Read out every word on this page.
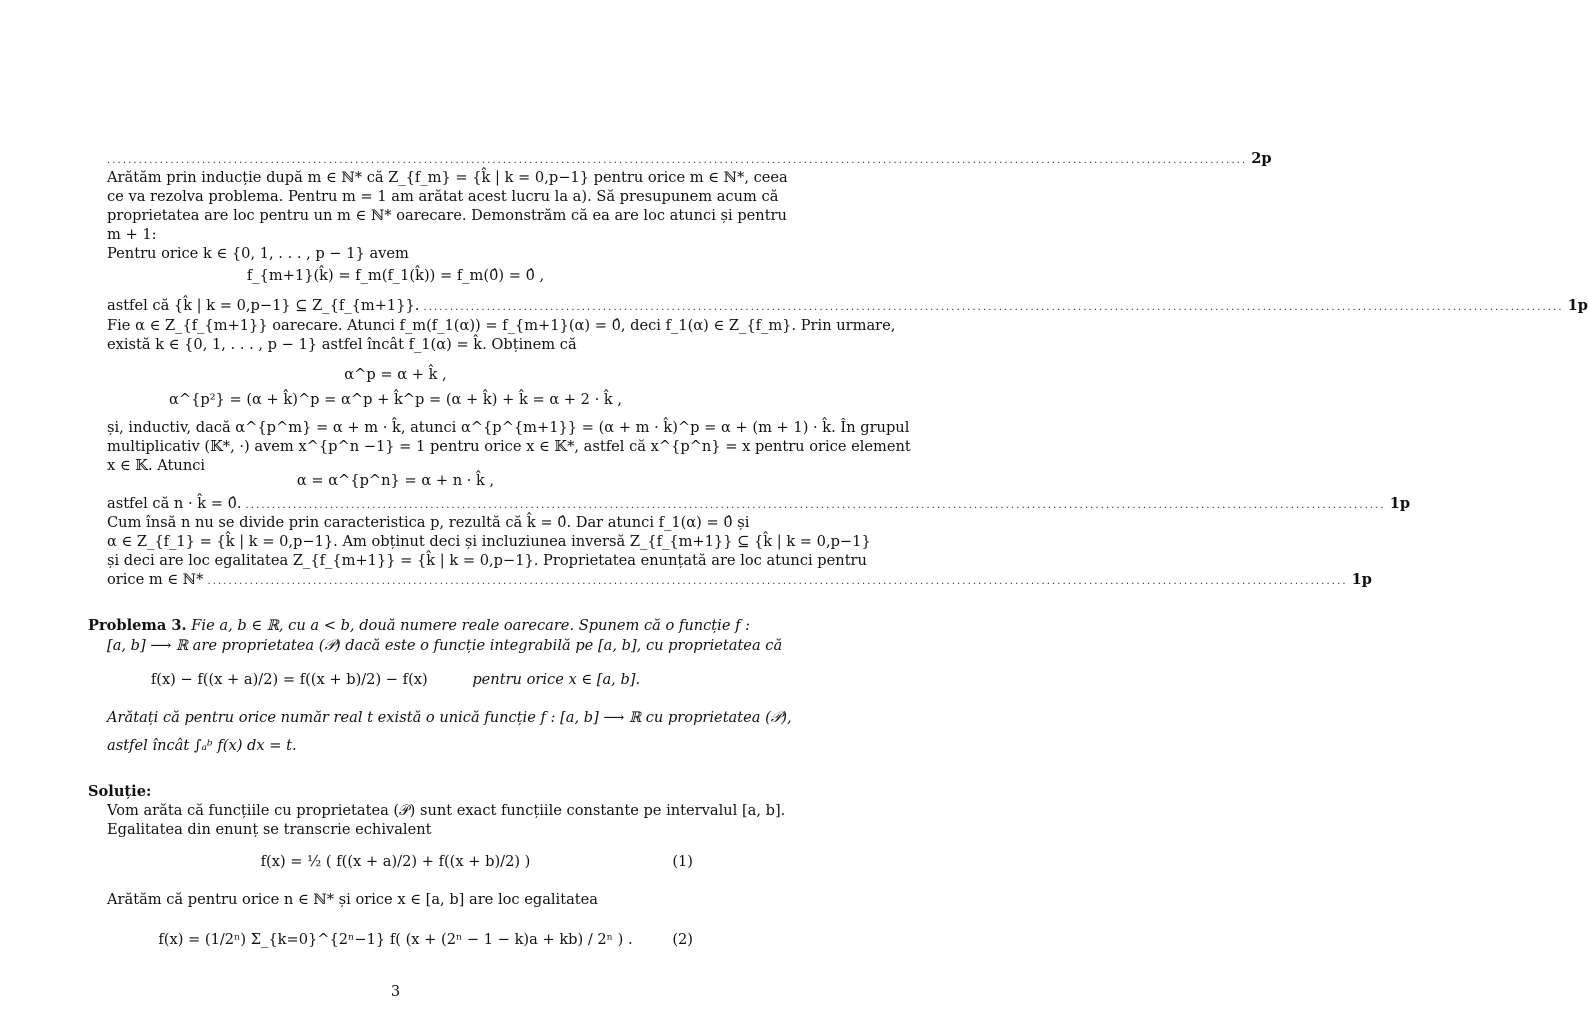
.....
2p
Arătăm prin inducție după m ∈ ℕ* că Z_{f_m} = {k̂ | k = 0,p−1} pentru orice m ∈ ℕ*, ceea
ce va rezolva problema. Pentru m = 1 am arătat acest lucru la a). Să presupunem acum că
proprietatea are loc pentru un m ∈ ℕ* oarecare. Demonstrăm că ea are loc atunci și pentru
m + 1:
Pentru orice k ∈ {0, 1, . . . , p − 1} avem
f_{m+1}(k̂) = f_m(f_1(k̂)) = f_m(0̂) = 0̂ ,
astfel că {k̂ | k = 0,p−1} ⊆ Z_{f_{m+1}}. .....	1p
Fie α ∈ Z_{f_{m+1}} oarecare. Atunci f_m(f_1(α)) = f_{m+1}(α) = 0̂, deci f_1(α) ∈ Z_{f_m}. Prin urmare,
există k ∈ {0, 1, . . . , p − 1} astfel încât f_1(α) = k̂. Obținem că
α^p = α + k̂ ,
α^{p²} = (α + k̂)^p = α^p + k̂^p = (α + k̂) + k̂ = α + 2 · k̂ ,
și, inductiv, dacă α^{p^m} = α + m · k̂, atunci α^{p^{m+1}} = (α + m · k̂)^p = α + (m + 1) · k̂. În grupul
multiplicativ (𝕂*, ·) avem x^{p^n −1} = 1 pentru orice x ∈ 𝕂*, astfel că x^{p^n} = x pentru orice element
x ∈ 𝕂. Atunci
α = α^{p^n} = α + n · k̂ ,
astfel că n · k̂ = 0̂. .....	1p
Cum însă n nu se divide prin caracteristica p, rezultă că k̂ = 0̂. Dar atunci f_1(α) = 0̂ și
α ∈ Z_{f_1} = {k̂ | k = 0,p−1}. Am obținut deci și incluziunea inversă Z_{f_{m+1}} ⊆ {k̂ | k = 0,p−1}
și deci are loc egalitatea Z_{f_{m+1}} = {k̂ | k = 0,p−1}. Proprietatea enunțată are loc atunci pentru
orice m ∈ ℕ* .....	1p
Problema 3. Fie a, b ∈ ℝ, cu a < b, două numere reale oarecare. Spunem că o funcție f :
[a, b] ⟶ ℝ are proprietatea (𝒫) dacă este o funcție integrabilă pe [a, b], cu proprietatea că
f(x) − f((x + a)/2) = f((x + b)/2) − f(x)	pentru orice x ∈ [a, b].
Arătați că pentru orice număr real t există o unică funcție f : [a, b] ⟶ ℝ cu proprietatea (𝒫),
astfel încât ∫ₐᵇ f(x) dx = t.
Soluție:
Vom arăta că funcțiile cu proprietatea (𝒫) sunt exact funcțiile constante pe intervalul [a, b].
Egalitatea din enunț se transcrie echivalent
f(x) = ½ ( f((x + a)/2) + f((x + b)/2) )	(1)
Arătăm că pentru orice n ∈ ℕ* și orice x ∈ [a, b] are loc egalitatea
f(x) = (1/2ⁿ) Σ_{k=0}^{2ⁿ−1} f( (x + (2ⁿ − 1 − k)a + kb) / 2ⁿ ) .	(2)
3
